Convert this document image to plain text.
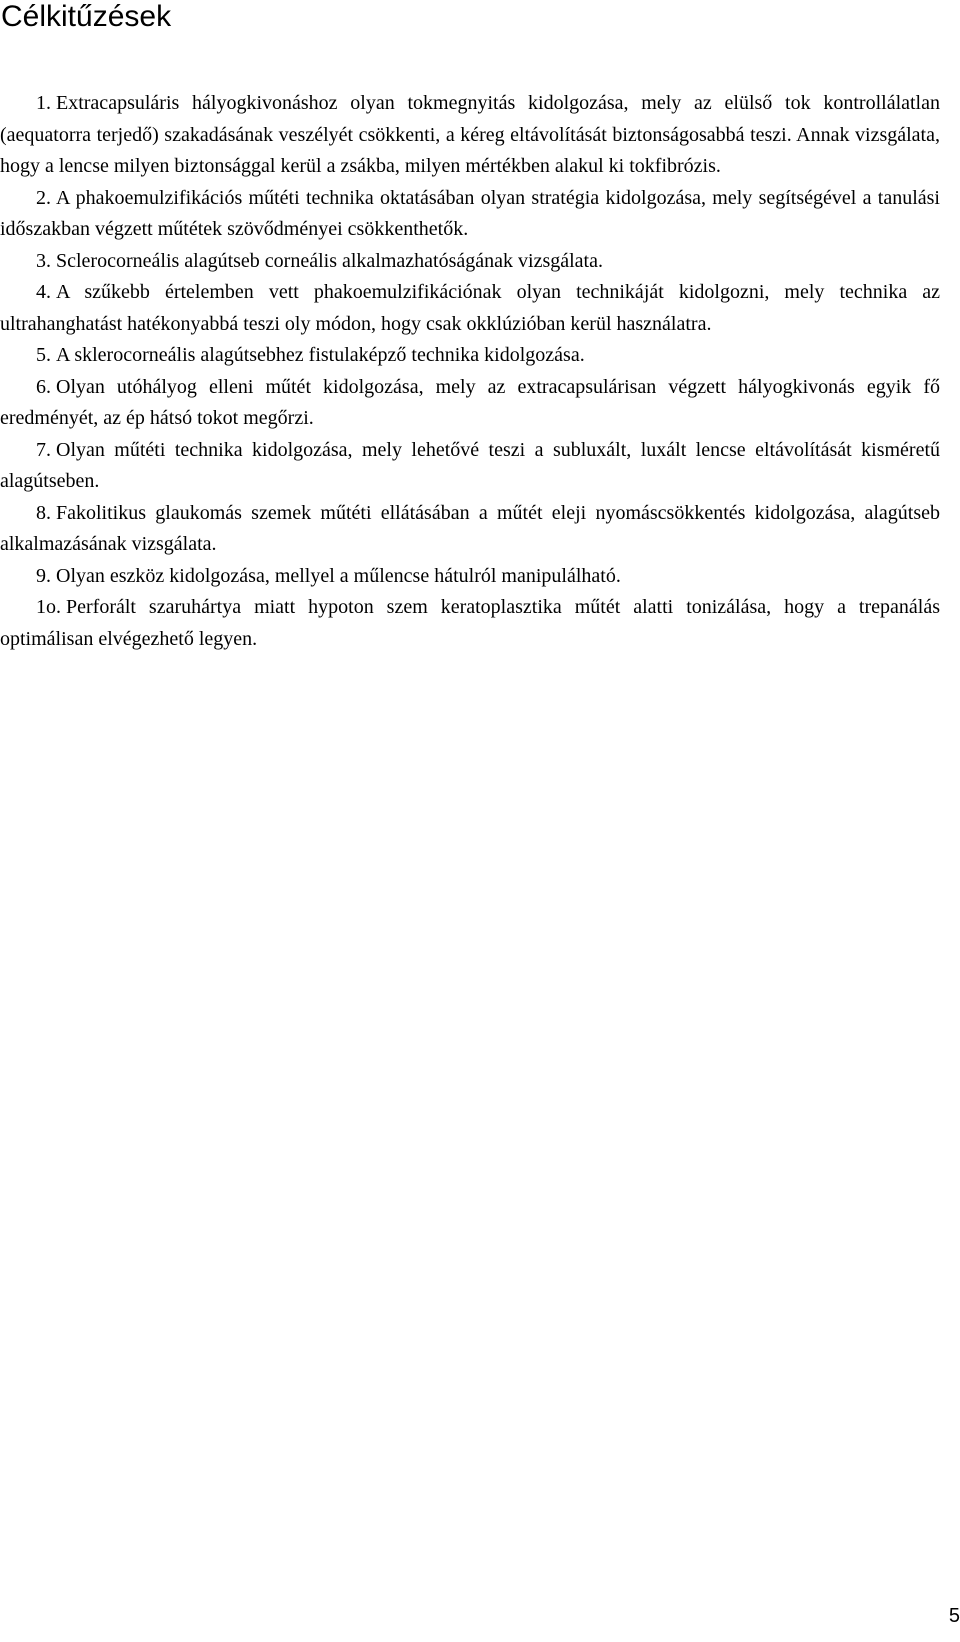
Célkitűzések
1. Extracapsuláris hályogkivonáshoz olyan tokmegnyitás kidolgozása, mely az elülső tok kontrollálatlan (aequatorra terjedő) szakadásának veszélyét csökkenti, a kéreg eltávolítását biztonságosabbá teszi. Annak vizsgálata, hogy a lencse milyen biztonsággal kerül a zsákba, milyen mértékben alakul ki tokfibrózis.
2. A phakoemulzifikációs műtéti technika oktatásában olyan stratégia kidolgozása, mely segítségével a tanulási időszakban végzett műtétek szövődményei csökkenthetők.
3. Sclerocorneális alagútseb corneális alkalmazhatóságának vizsgálata.
4. A szűkebb értelemben vett phakoemulzifikációnak olyan technikáját kidolgozni, mely technika az ultrahanghatást hatékonyabbá teszi oly módon, hogy csak okklúzióban kerül használatra.
5. A sklerocorneális alagútsebhez fistulaképző technika kidolgozása.
6. Olyan utóhályog elleni műtét kidolgozása, mely az extracapsulárisan végzett hályogkivonás egyik fő eredményét, az ép hátsó tokot megőrzi.
7. Olyan műtéti technika kidolgozása, mely lehetővé teszi a subluxált, luxált lencse eltávolítását kisméretű alagútseben.
8. Fakolitikus glaukomás szemek műtéti ellátásában a műtét eleji nyomáscsökkentés kidolgozása, alagútseb alkalmazásának vizsgálata.
9. Olyan eszköz kidolgozása, mellyel a műlencse hátulról manipulálható.
1o. Perforált szaruhártya miatt hypoton szem keratoplasztika műtét alatti tonizálása, hogy a trepanálás optimálisan elvégezhető legyen.
5
